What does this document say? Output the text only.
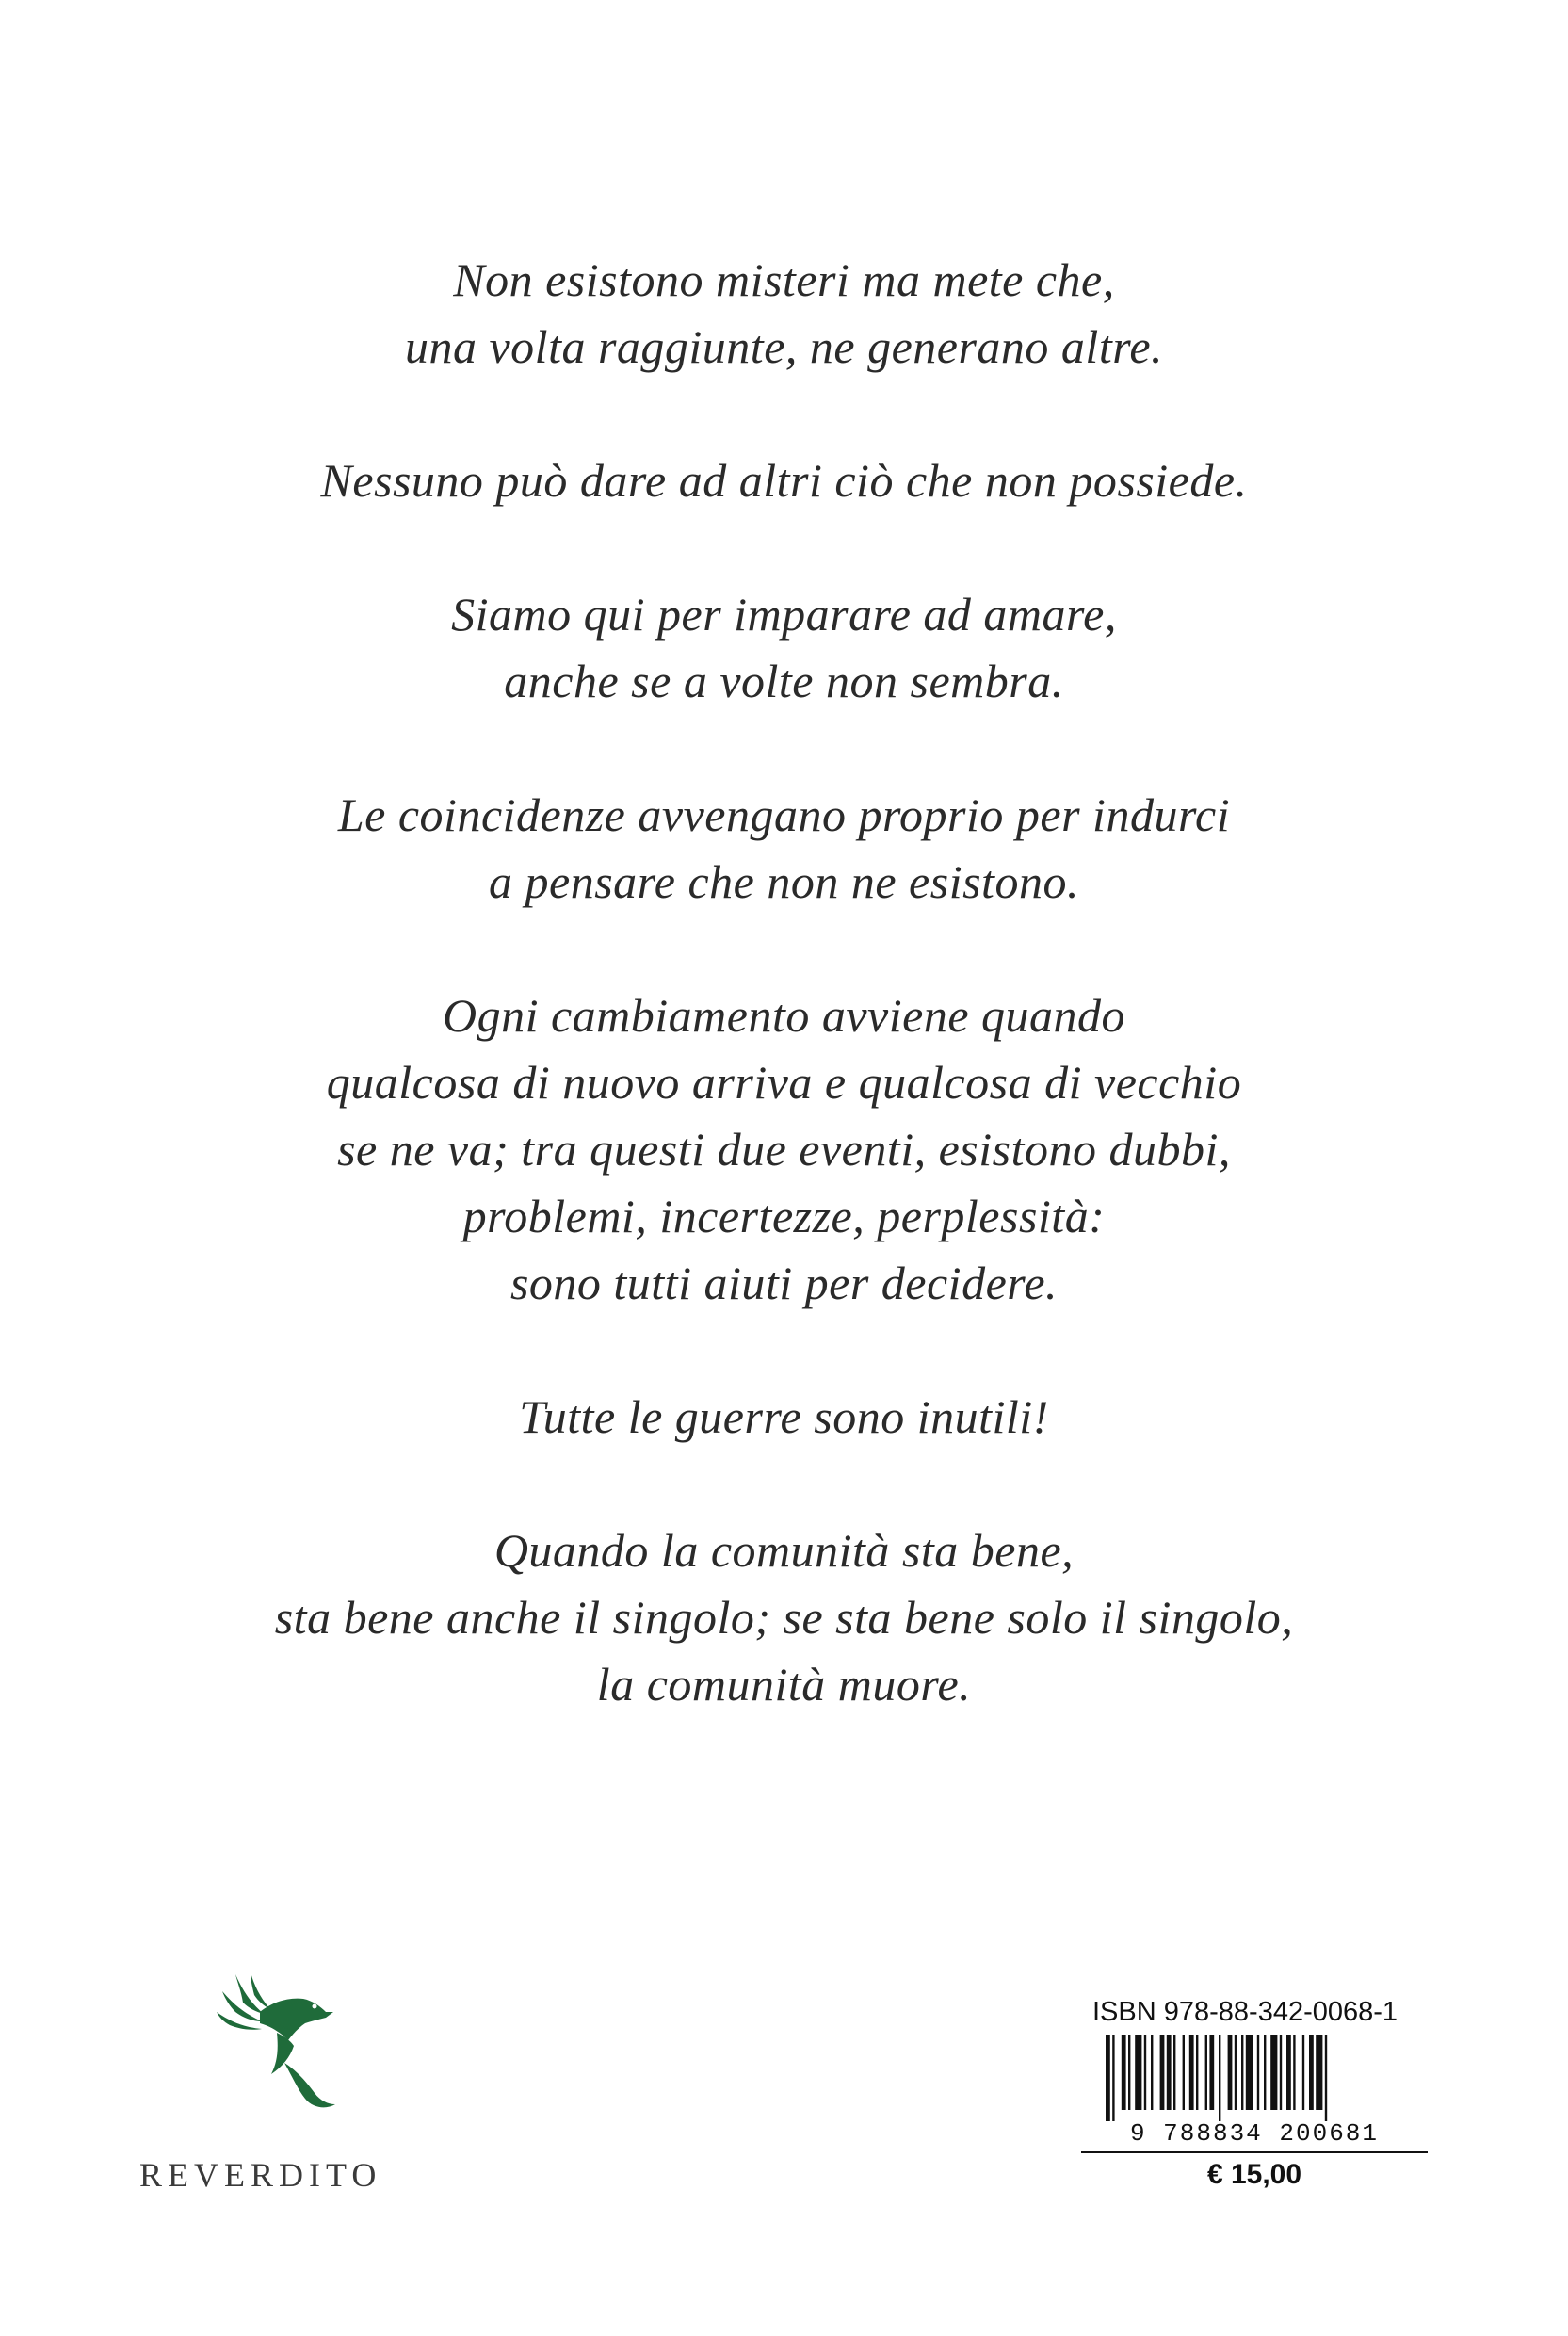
Non esistono misteri ma mete che,
una volta raggiunte, ne generano altre.
Nessuno può dare ad altri ciò che non possiede.
Siamo qui per imparare ad amare,
anche se a volte non sembra.
Le coincidenze avvengano proprio per indurci
a pensare che non ne esistono.
Ogni cambiamento avviene quando
qualcosa di nuovo arriva e qualcosa di vecchio
se ne va; tra questi due eventi, esistono dubbi,
problemi, incertezze, perplessità:
sono tutti aiuti per decidere.
Tutte le guerre sono inutili!
Quando la comunità sta bene,
sta bene anche il singolo; se sta bene solo il singolo,
la comunità muore.
REVERDITO
ISBN 978-88-342-0068-1
9 788834 200681
€ 15,00
